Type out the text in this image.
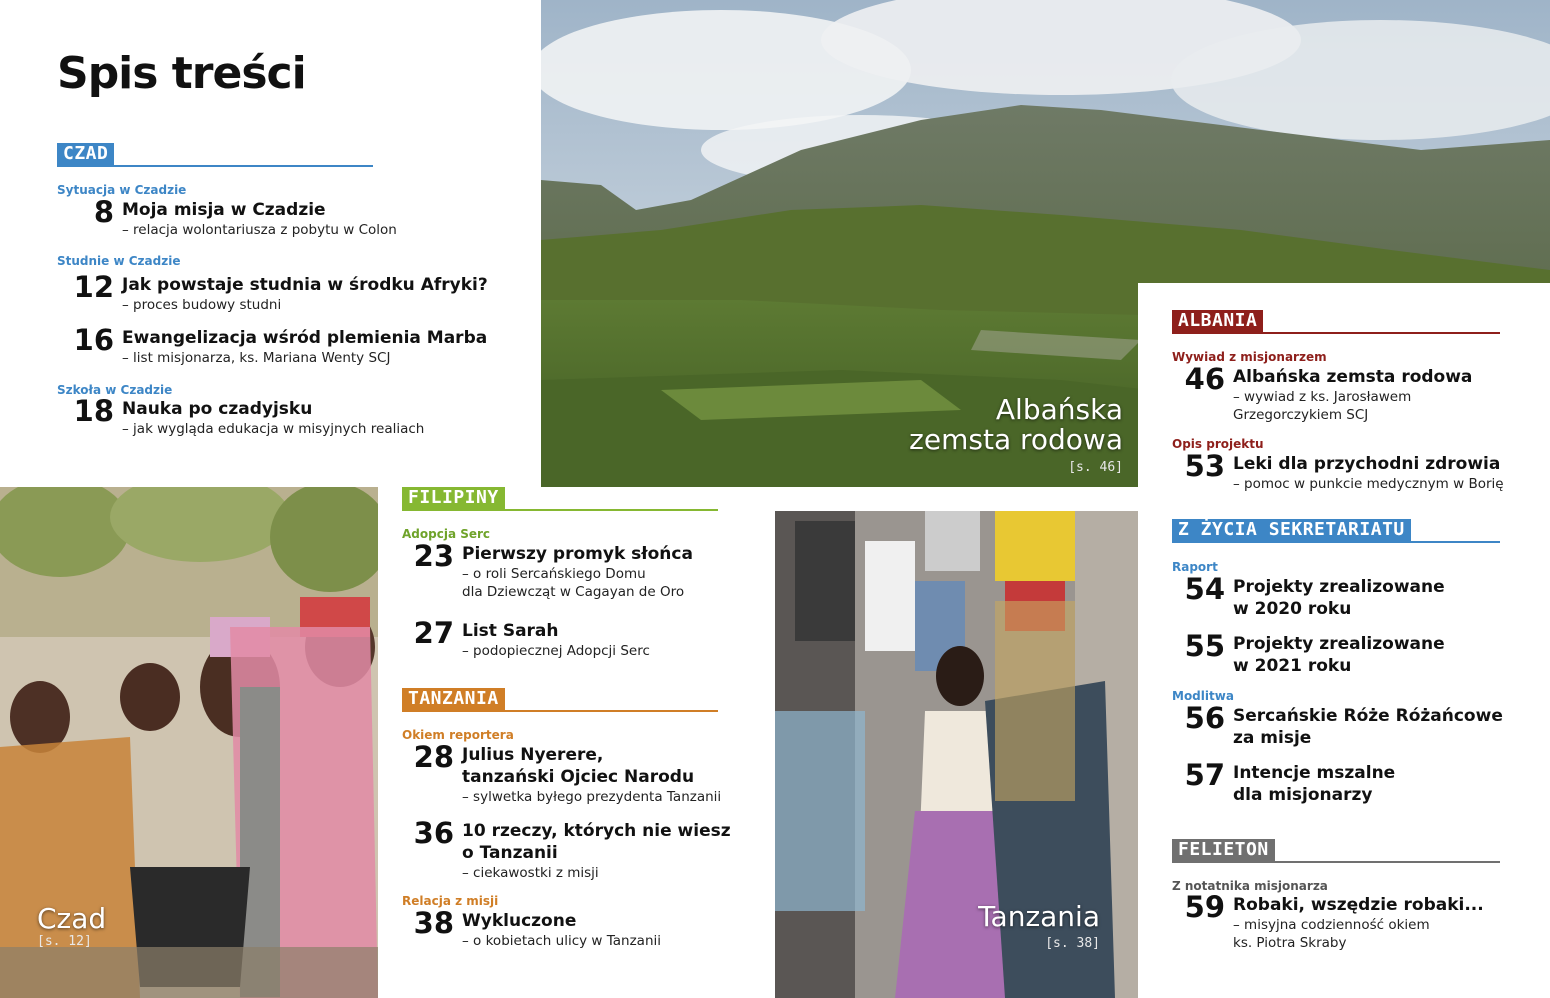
Spis treści
Albańska
zemsta rodowa
[s. 46]
Czad
[s. 12]
Tanzania
[s. 38]
CZAD
Sytuacja w Czadzie
8 Moja misja w Czadzie
– relacja wolontariusza z pobytu w Colon
Studnie w Czadzie
12 Jak powstaje studnia w środku Afryki?
– proces budowy studni
16 Ewangelizacja wśród plemienia Marba
– list misjonarza, ks. Mariana Wenty SCJ
Szkoła w Czadzie
18 Nauka po czadyjsku
– jak wygląda edukacja w misyjnych realiach
ALBANIA
Wywiad z misjonarzem
46 Albańska zemsta rodowa
– wywiad z ks. Jarosławem
Grzegorczykiem SCJ
Opis projektu
53 Leki dla przychodni zdrowia
– pomoc w punkcie medycznym w Borię
FILIPINY
Adopcja Serc
23 Pierwszy promyk słońca
– o roli Sercańskiego Domu
dla Dziewcząt w Cagayan de Oro
27 List Sarah
– podopiecznej Adopcji Serc
TANZANIA
Okiem reportera
28 Julius Nyerere,
tanzański Ojciec Narodu
– sylwetka byłego prezydenta Tanzanii
36 10 rzeczy, których nie wiesz
o Tanzanii
– ciekawostki z misji
Relacja z misji
38 Wykluczone
– o kobietach ulicy w Tanzanii
Z ŻYCIA SEKRETARIATU
Raport
54 Projekty zrealizowane
w 2020 roku
55 Projekty zrealizowane
w 2021 roku
Modlitwa
56 Sercańskie Róże Różańcowe
za misje
57 Intencje mszalne
dla misjonarzy
FELIETON
Z notatnika misjonarza
59 Robaki, wszędzie robaki...
– misyjna codzienność okiem
ks. Piotra Skraby
